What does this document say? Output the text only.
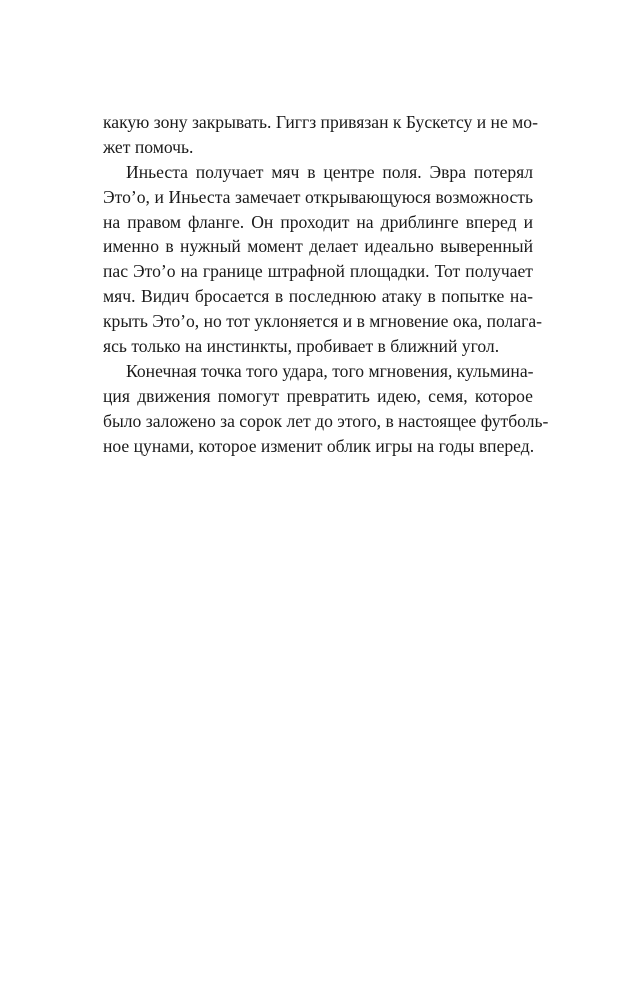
какую зону закрывать. Гиггз привязан к Бускетсу и не мо-
жет помочь.
Иньеста получает мяч в центре поля. Эвра потерял
Это’о, и Иньеста замечает открывающуюся возможность
на правом фланге. Он проходит на дриблинге вперед и
именно в нужный момент делает идеально выверенный
пас Это’о на границе штрафной площадки. Тот получает
мяч. Видич бросается в последнюю атаку в попытке на-
крыть Это’о, но тот уклоняется и в мгновение ока, полага-
ясь только на инстинкты, пробивает в ближний угол.
Конечная точка того удара, того мгновения, кульмина-
ция движения помогут превратить идею, семя, которое
было заложено за сорок лет до этого, в настоящее футболь-
ное цунами, которое изменит облик игры на годы вперед.
